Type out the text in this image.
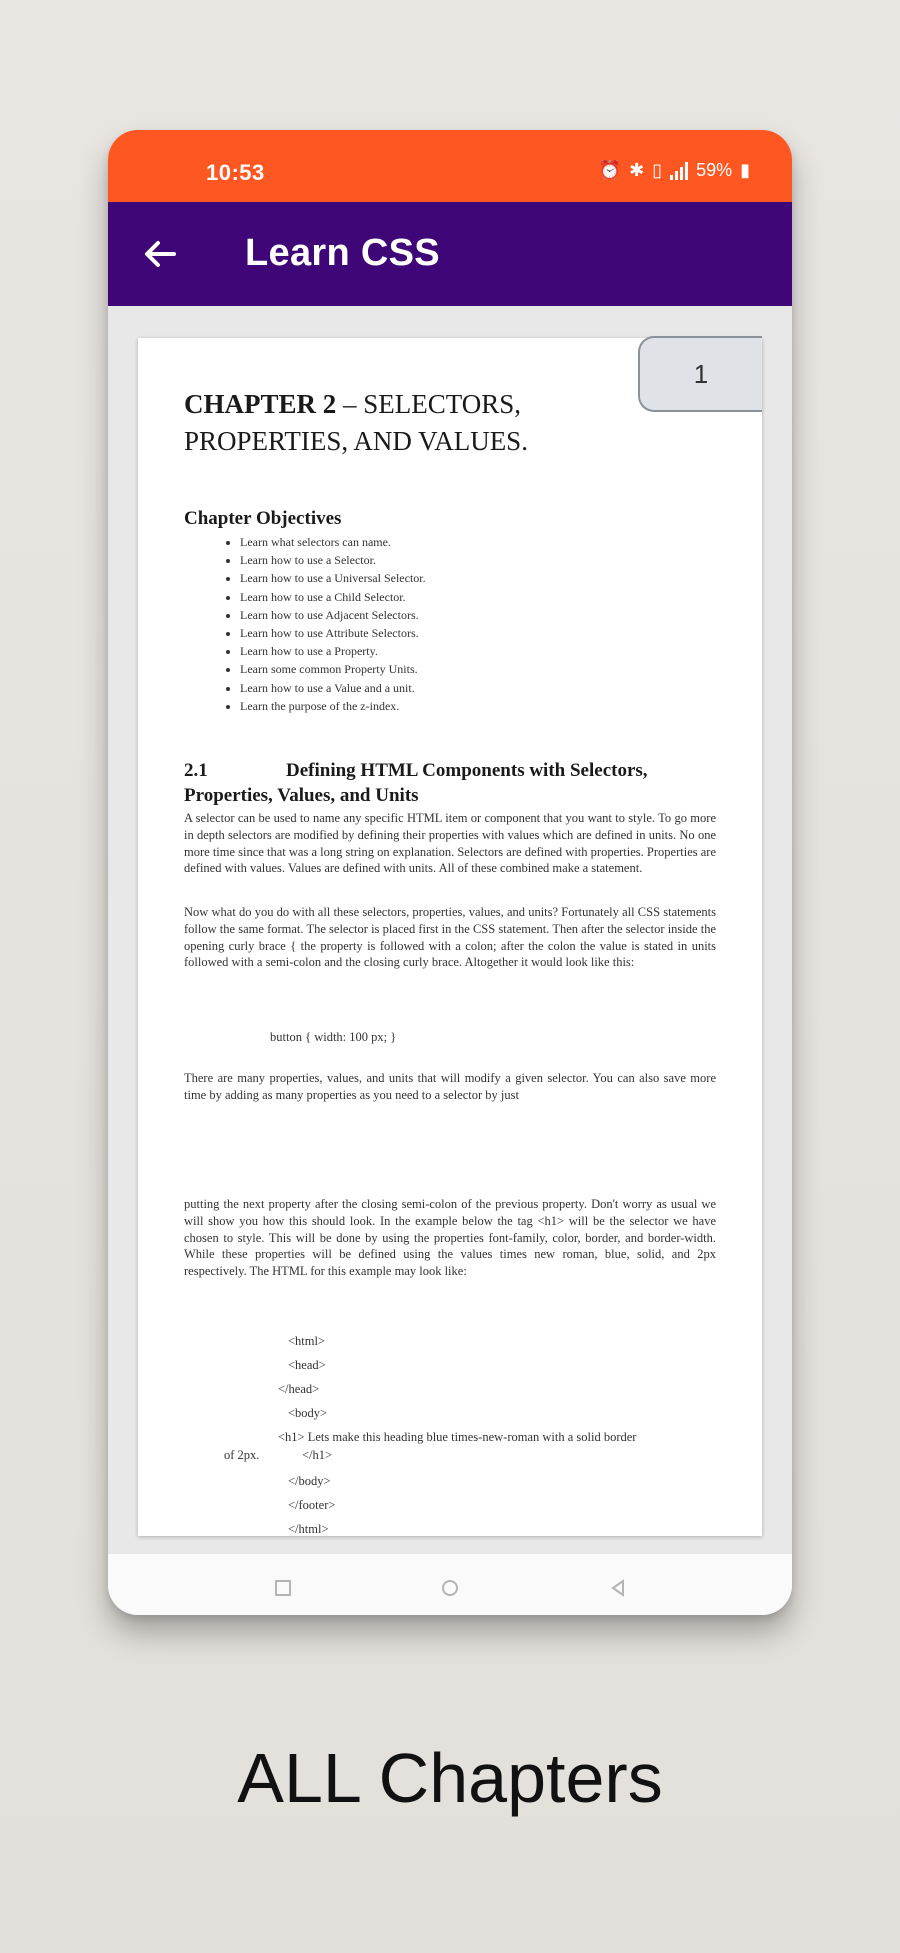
10:53	⏰ ✱ ▯ 59% ▮
Learn CSS
CHAPTER 2 – SELECTORS, PROPERTIES, AND VALUES.
Chapter Objectives
• Learn what selectors can name.
• Learn how to use a Selector.
• Learn how to use a Universal Selector.
• Learn how to use a Child Selector.
• Learn how to use Adjacent Selectors.
• Learn how to use Attribute Selectors.
• Learn how to use a Property.
• Learn some common Property Units.
• Learn how to use a Value and a unit.
• Learn the purpose of the z-index.
2.1	Defining HTML Components with Selectors, Properties, Values, and Units

A selector can be used to name any specific HTML item or component that you want to style. To go more in depth selectors are modified by defining their properties with values which are defined in units. No one more time since that was a long string on explanation. Selectors are defined with properties. Properties are defined with values. Values are defined with units. All of these combined make a statement.

Now what do you do with all these selectors, properties, values, and units? Fortunately all CSS statements follow the same format. The selector is placed first in the CSS statement. Then after the selector inside the opening curly brace { the property is followed with a colon; after the colon the value is stated in units followed with a semi-colon and the closing curly brace. Altogether it would look like this:

button { width: 100 px; }

There are many properties, values, and units that will modify a given selector. You can also save more time by adding as many properties as you need to a selector by just

putting the next property after the closing semi-colon of the previous property. Don't worry as usual we will show you how this should look. In the example below the tag <h1> will be the selector we have chosen to style. This will be done by using the properties font-family, color, border, and border-width. While these properties will be defined using the values times new roman, blue, solid, and 2px respectively. The HTML for this example may look like:

<html>
<head>
</head>
<body>
<h1> Lets make this heading blue times-new-roman with a solid border
of 2px.	</h1>
</body>
</footer>
</html>
1
ALL Chapters
